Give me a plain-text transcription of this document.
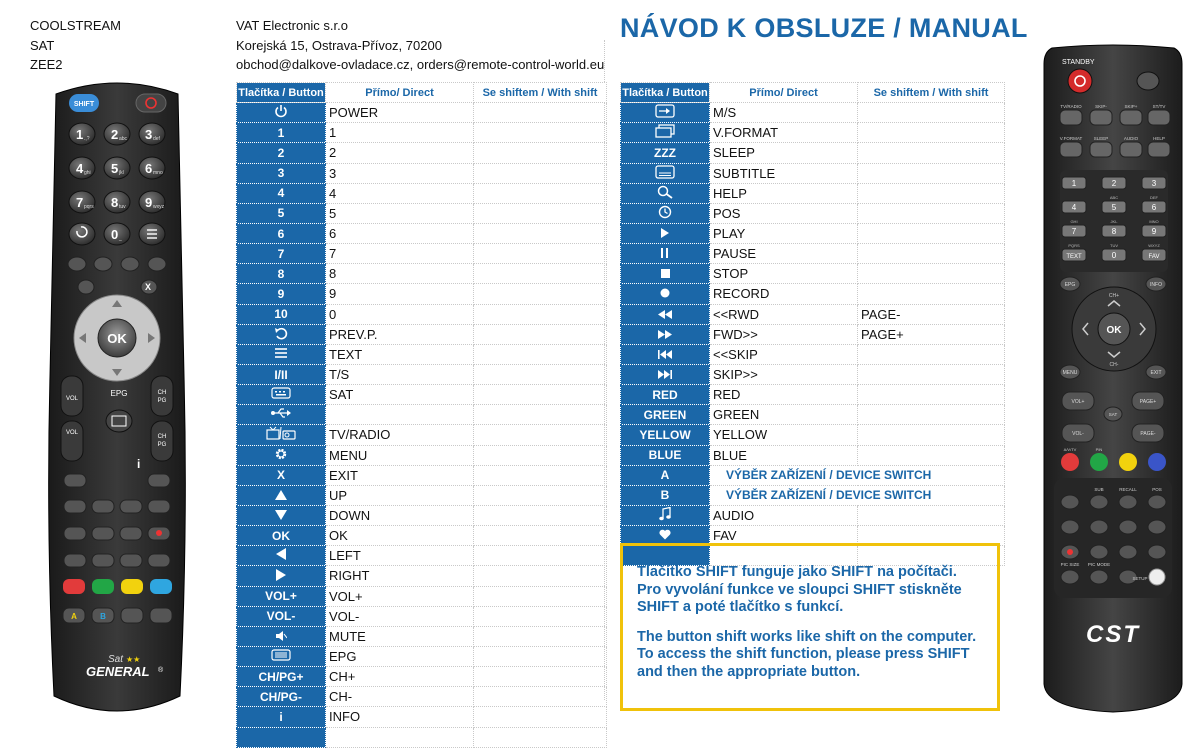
COOLSTREAM
SAT
ZEE2
VAT Electronic s.r.o
Korejská 15, Ostrava-Přívoz, 70200
obchod@dalkove-ovladace.cz, orders@remote-control-world.eu
NÁVOD K OBSLUZE / MANUAL
Tlačítka / Button	Přímo/ Direct	Se shiftem / With shift
	POWER	
1	1	
2	2	
3	3	
4	4	
5	5	
6	6	
7	7	
8	8	
9	9	
10	0	
	PREV.P.	
	TEXT	
I/II	T/S	
	SAT	

	TV/RADIO	
	MENU	
X	EXIT	
	UP	
	DOWN	
OK	OK	
	LEFT	
	RIGHT	
VOL+	VOL+	
VOL-	VOL-	
	MUTE	
	EPG	
CH/PG+	CH+	
CH/PG-	CH-	
i	INFO	

Tlačítka / Button	Přímo/ Direct	Se shiftem / With shift
	M/S	
	V.FORMAT	
ZZZ	SLEEP	
	SUBTITLE	
	HELP	
	POS	
	PLAY	
	PAUSE	
	STOP	
	RECORD	
	<<RWD	PAGE-
	FWD>>	PAGE+
	<<SKIP	
	SKIP>>	
RED	RED	
GREEN	GREEN	
YELLOW	YELLOW	
BLUE	BLUE	
A	VÝBĚR ZAŘÍZENÍ / DEVICE SWITCH	
B	VÝBĚR ZAŘÍZENÍ / DEVICE SWITCH	
	AUDIO	
	FAV	

Tlačítko SHIFT funguje jako SHIFT na počítači. Pro vyvolání funkce ve sloupci SHIFT stiskněte SHIFT a poté tlačítko s funkcí.

The button shift works like shift on the computer. To access the shift function, please press SHIFT and then the appropriate button.

SHIFT
1 2 3
4 5 6
7 8 9
0
.,?	abc	def
ghi	jkl	mno
pqrs	tuv	wxyz
_
X
OK
VOL
VOL
CH
PG
CH
PG
EPG
i
A	B
Sat ★★
GENERAL ®
STANDBY
TV/RADIO	SKIP-	SKIP+	ST/TV
V.FORMAT	SLEEP	AUDIO	HELP
1	2	3
4	5	6
7	8	9
TEXT	0	FAV
ABC	DEF
GHI	JKL	MNO
PQRS	TUV	WXYZ
EPG	INFO
OK
CH+
CH-
MENU	EXIT
SAT
VOL+	PAGE+
VOL-	PAGE-
A/V/TV	PIN
SUB	RECALL	POS
PIC SIZE PIC MODE
SETUP
CST
